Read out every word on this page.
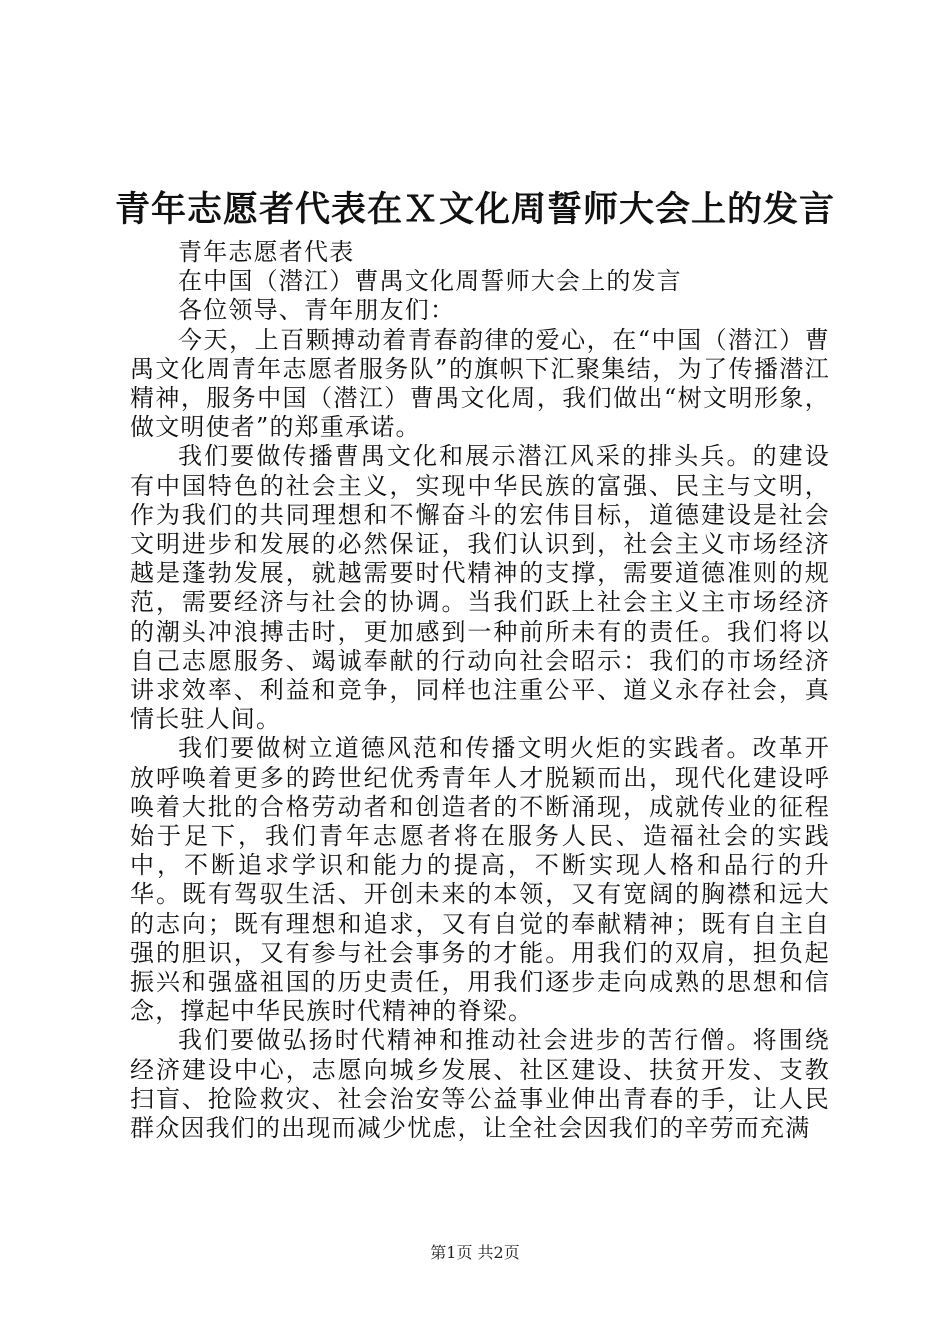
青年志愿者代表在Ｘ文化周誓师大会上的发言

青年志愿者代表

在中国（潜江）曹禺文化周誓师大会上的发言

各位领导、青年朋友们：

今天，上百颗搏动着青春韵律的爱心，在“中国（潜江）曹禺文化周青年志愿者服务队”的旗帜下汇聚集结，为了传播潜江精神，服务中国（潜江）曹禺文化周，我们做出“树文明形象，做文明使者”的郑重承诺。

我们要做传播曹禺文化和展示潜江风采的排头兵。的建设有中国特色的社会主义，实现中华民族的富强、民主与文明，作为我们的共同理想和不懈奋斗的宏伟目标，道德建设是社会文明进步和发展的必然保证，我们认识到，社会主义市场经济越是蓬勃发展，就越需要时代精神的支撑，需要道德准则的规范，需要经济与社会的协调。当我们跃上社会主义主市场经济的潮头冲浪搏击时，更加感到一种前所未有的责任。我们将以自己志愿服务、竭诚奉献的行动向社会昭示：我们的市场经济讲求效率、利益和竞争，同样也注重公平、道义永存社会，真情长驻人间。

我们要做树立道德风范和传播文明火炬的实践者。改革开放呼唤着更多的跨世纪优秀青年人才脱颖而出，现代化建设呼唤着大批的合格劳动者和创造者的不断涌现，成就传业的征程始于足下，我们青年志愿者将在服务人民、造福社会的实践中，不断追求学识和能力的提高，不断实现人格和品行的升华。既有驾驭生活、开创未来的本领，又有宽阔的胸襟和远大的志向；既有理想和追求，又有自觉的奉献精神；既有自主自强的胆识，又有参与社会事务的才能。用我们的双肩，担负起振兴和强盛祖国的历史责任，用我们逐步走向成熟的思想和信念，撑起中华民族时代精神的脊梁。

我们要做弘扬时代精神和推动社会进步的苦行僧。将围绕经济建设中心，志愿向城乡发展、社区建设、扶贫开发、支教扫盲、抢险救灾、社会治安等公益事业伸出青春的手，让人民群众因我们的出现而减少忧虑，让全社会因我们的辛劳而充满

第1页 共2页
